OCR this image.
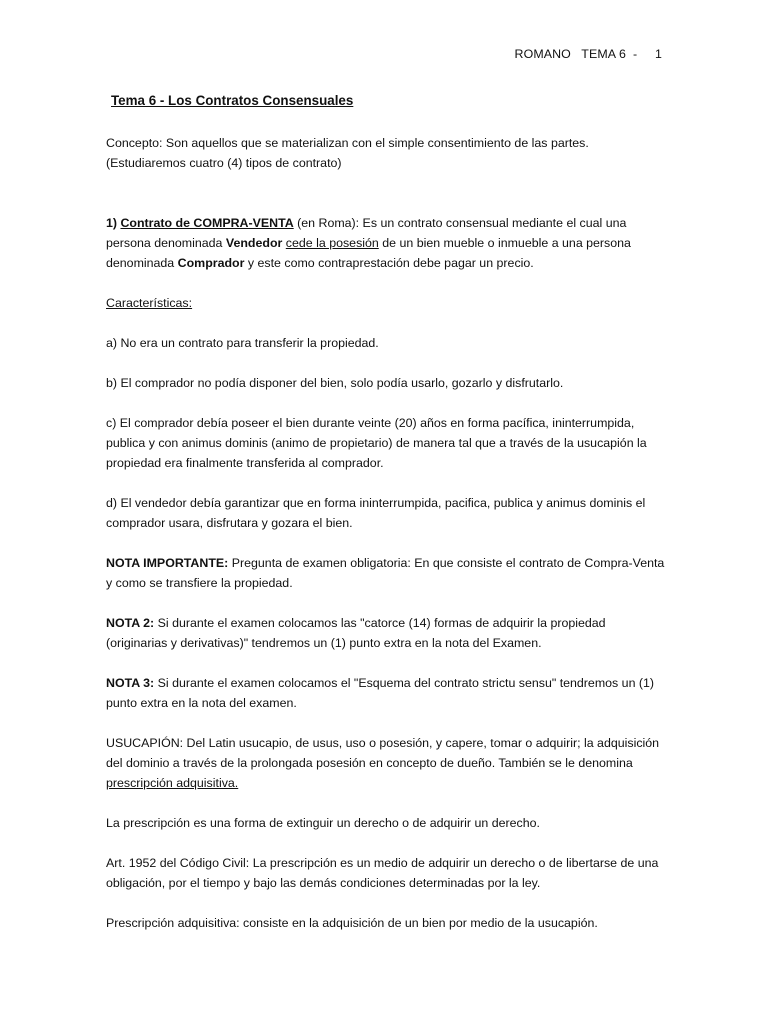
ROMANO   TEMA 6  -     1
Tema 6 - Los Contratos Consensuales

Concepto: Son aquellos que se materializan con el simple consentimiento de las partes.

(Estudiaremos cuatro (4) tipos de contrato)

1) Contrato de COMPRA-VENTA (en Roma): Es un contrato consensual mediante el cual una persona denominada Vendedor cede la posesión de un bien mueble o inmueble a una persona denominada Comprador y este como contraprestación debe pagar un precio.

Características:

a) No era un contrato para transferir la propiedad.

b) El comprador no podía disponer del bien, solo podía usarlo, gozarlo y disfrutarlo.

c) El comprador debía poseer el bien durante veinte (20) años en forma pacífica, ininterrumpida, publica y con animus dominis (animo de propietario) de manera tal que a través de la usucapión la propiedad era finalmente transferida al comprador.

d) El vendedor debía garantizar que en forma ininterrumpida, pacifica, publica y animus dominis el comprador usara, disfrutara y gozara el bien.

NOTA IMPORTANTE: Pregunta de examen obligatoria: En que consiste el contrato de Compra-Venta y como se transfiere la propiedad.

NOTA 2: Si durante el examen colocamos las "catorce (14) formas de adquirir la propiedad (originarias y derivativas)" tendremos un (1) punto extra en la nota del Examen.

NOTA 3: Si durante el examen colocamos el "Esquema del contrato strictu sensu" tendremos un (1) punto extra en la nota del examen.

USUCAPIÓN: Del Latin usucapio, de usus, uso o posesión, y capere, tomar o adquirir; la adquisición del dominio a través de la prolongada posesión en concepto de dueño. También se le denomina prescripción adquisitiva.

La prescripción es una forma de extinguir un derecho o de adquirir un derecho.

Art. 1952 del Código Civil: La prescripción es un medio de adquirir un derecho o de libertarse de una obligación, por el tiempo y bajo las demás condiciones determinadas por la ley.

Prescripción adquisitiva: consiste en la adquisición de un bien por medio de la usucapión.
